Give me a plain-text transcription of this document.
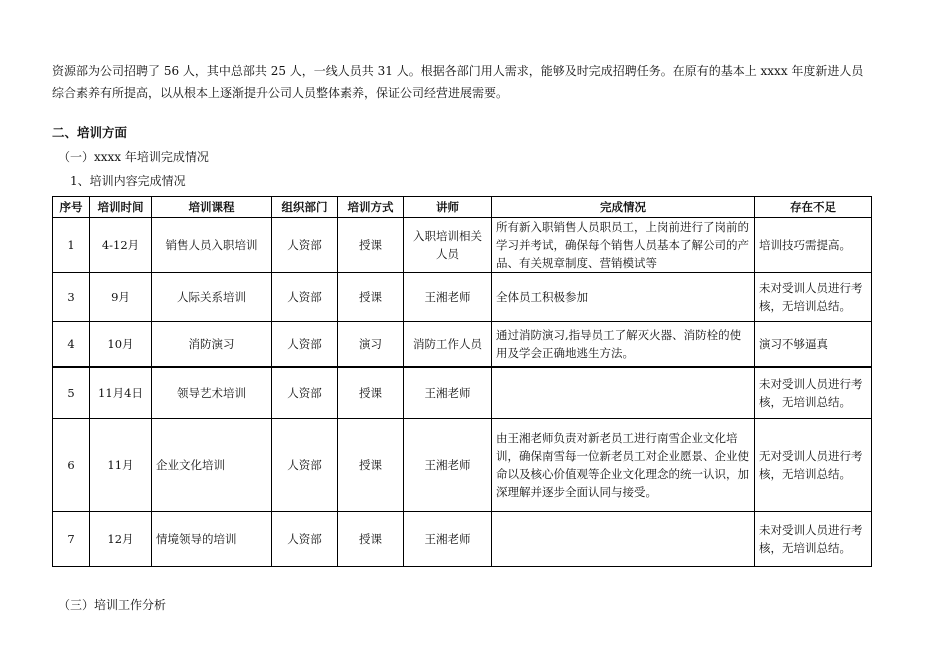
资源部为公司招聘了 56 人，其中总部共 25 人，一线人员共 31 人。根据各部门用人需求，能够及时完成招聘任务。在原有的基本上 xxxx 年度新进人员
综合素养有所提高，以从根本上逐渐提升公司人员整体素养，保证公司经营进展需要。
二、培训方面
（一）xxxx 年培训完成情况
1、培训内容完成情况
序号	培训时间	培训课程	组织部门	培训方式	讲师	完成情况	存在不足
1	4-12月	销售人员入职培训	人资部	授课	入职培训相关人员	所有新入职销售人员职员工，上岗前进行了岗前的学习并考试，确保每个销售人员基本了解公司的产品、有关规章制度、营销模试等	培训技巧需提高。
3	9月	人际关系培训	人资部	授课	王湘老师	全体员工积极参加	未对受训人员进行考核，无培训总结。
4	10月	消防演习	人资部	演习	消防工作人员	通过消防演习,指导员工了解灭火器、消防栓的使用及学会正确地逃生方法。	演习不够逼真
5	11月4日	领导艺术培训	人资部	授课	王湘老师		未对受训人员进行考核，无培训总结。
6	11月	企业文化培训	人资部	授课	王湘老师	由王湘老师负责对新老员工进行南雪企业文化培训，确保南雪每一位新老员工对企业愿景、企业使命以及核心价值观等企业文化理念的统一认识，加深理解并逐步全面认同与接受。	无对受训人员进行考核，无培训总结。
7	12月	情境领导的培训	人资部	授课	王湘老师		未对受训人员进行考核，无培训总结。
（三）培训工作分析
